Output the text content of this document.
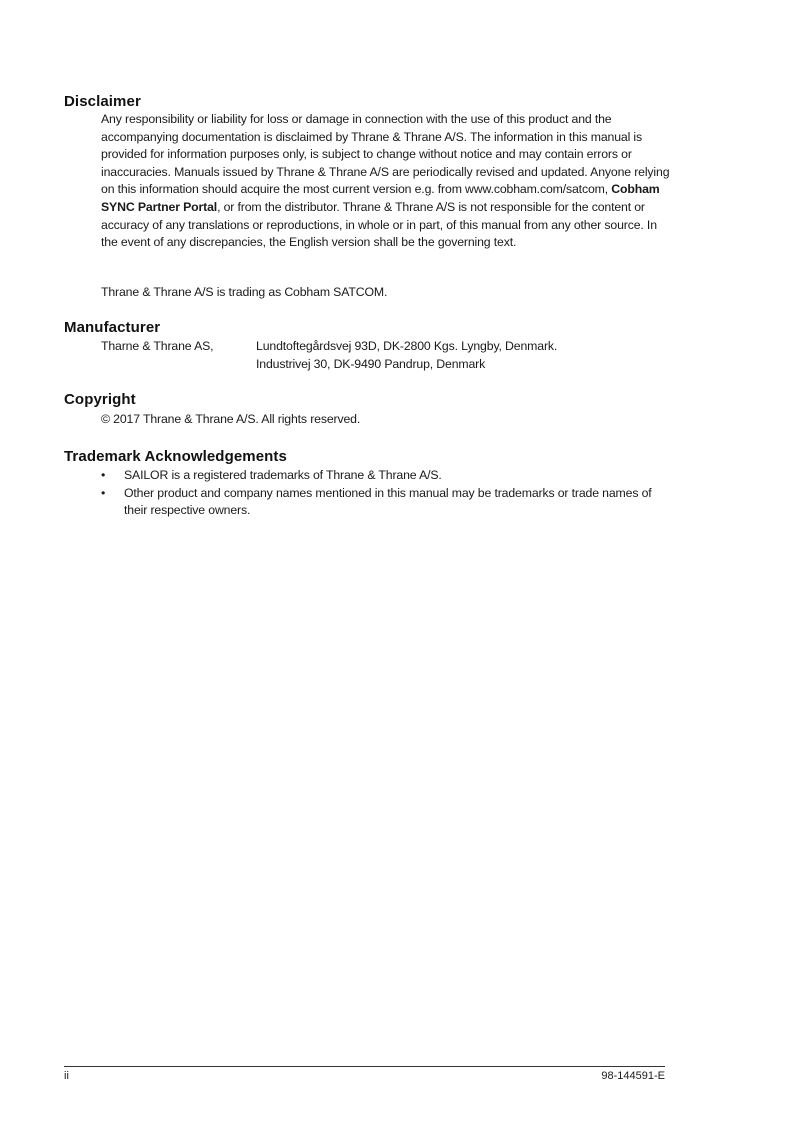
Disclaimer

Any responsibility or liability for loss or damage in connection with the use of this product and the accompanying documentation is disclaimed by Thrane & Thrane A/S. The information in this manual is provided for information purposes only, is subject to change without notice and may contain errors or inaccuracies. Manuals issued by Thrane & Thrane A/S are periodically revised and updated. Anyone relying on this information should acquire the most current version e.g. from www.cobham.com/satcom, Cobham SYNC Partner Portal, or from the distributor. Thrane & Thrane A/S is not responsible for the content or accuracy of any translations or reproductions, in whole or in part, of this manual from any other source. In the event of any discrepancies, the English version shall be the governing text.

Thrane & Thrane A/S is trading as Cobham SATCOM.

Manufacturer

Tharne & Thrane AS,	Lundtoftegårdsvej 93D, DK-2800 Kgs. Lyngby, Denmark.

Industrivej 30, DK-9490 Pandrup, Denmark

Copyright

© 2017 Thrane & Thrane A/S. All rights reserved.

Trademark Acknowledgements
• SAILOR is a registered trademarks of Thrane & Thrane A/S.
• Other product and company names mentioned in this manual may be trademarks or trade names of their respective owners.
ii	98-144591-E
